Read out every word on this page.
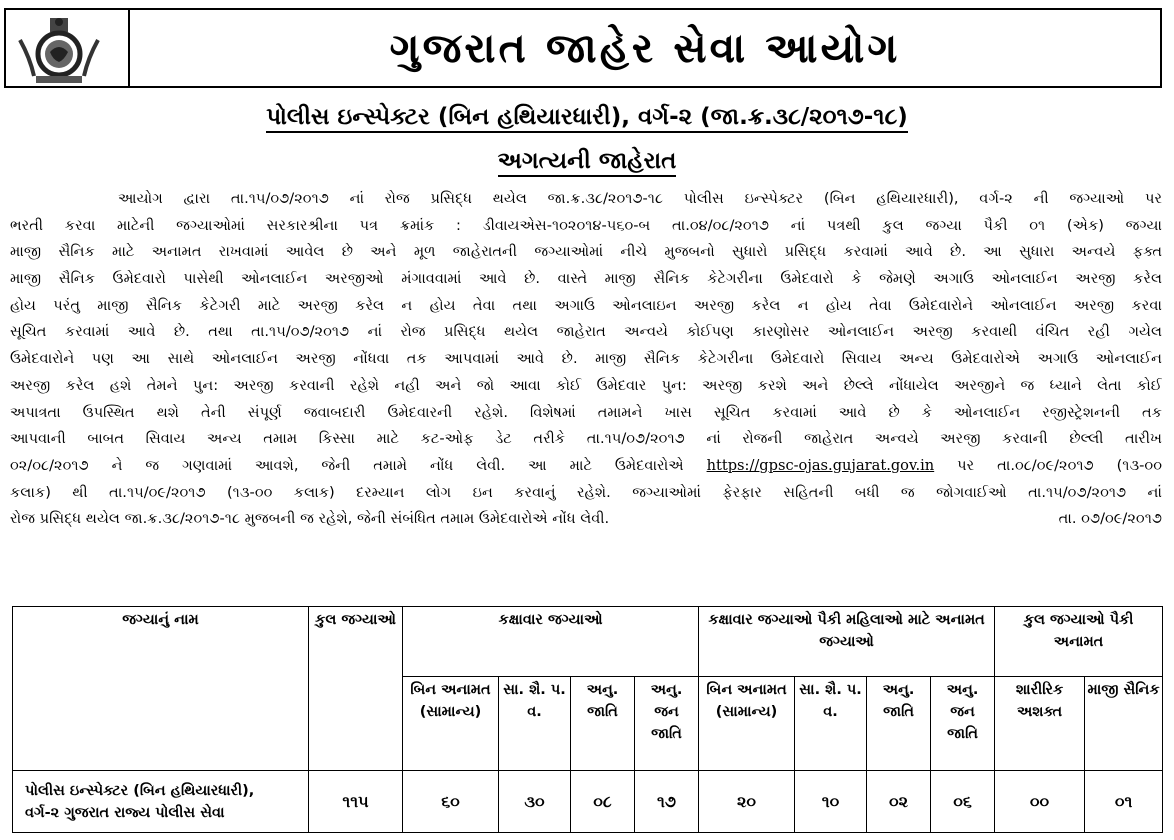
ગુજરાત જાહેર સેવા આયોગ
પોલીસ ઇન્સ્પેક્ટર (બિન હથિયારધારી), વર્ગ-૨ (જા.ક્ર.૩૮/૨૦૧૭-૧૮)
અગત્યની જાહેરાત
આયોગ દ્વારા તા.૧૫/૦૭/૨૦૧૭ નાં રોજ પ્રસિદ્ધ થયેલ જા.ક્ર.૩૮/૨૦૧૭-૧૮ પોલીસ ઇન્સ્પેક્ટર (બિન હથિયારધારી), વર્ગ-૨ ની જગ્યાઓ પર
ભરતી કરવા માટેની જગ્યાઓમાં સરકારશ્રીના પત્ર ક્રમાંક : ડીવાયએસ-૧૦૨૦૧૪-૫૬૦-બ તા.૦૪/૦૮/૨૦૧૭ નાં પત્રથી કુલ જગ્યા પૈકી ૦૧ (એક) જગ્યા
માજી સૈનિક માટે અનામત રાખવામાં આવેલ છે અને મૂળ જાહેરાતની જગ્યાઓમાં નીચે મુજબનો સુધારો પ્રસિદ્ધ કરવામાં આવે છે. આ સુધારા અન્વયે ફક્ત
માજી સૈનિક ઉમેદવારો પાસેથી ઓનલાઈન અરજીઓ મંગાવવામાં આવે છે. વાસ્તે માજી સૈનિક કેટેગરીના ઉમેદવારો કે જેમણે અગાઉ ઓનલાઈન અરજી કરેલ
હોય પરંતુ માજી સૈનિક કેટેગરી માટે અરજી કરેલ ન હોય તેવા તથા અગાઉ ઓનલાઇન અરજી કરેલ ન હોય તેવા ઉમેદવારોને ઓનલાઈન અરજી કરવા
સૂચિત કરવામાં આવે છે. તથા તા.૧૫/૦૭/૨૦૧૭ નાં રોજ પ્રસિદ્ધ થયેલ જાહેરાત અન્વયે કોઈપણ કારણોસર ઓનલાઈન અરજી કરવાથી વંચિત રહી ગયેલ
ઉમેદવારોને પણ આ સાથે ઓનલાઈન અરજી નોંધવા તક આપવામાં આવે છે. માજી સૈનિક કેટેગરીના ઉમેદવારો સિવાય અન્ય ઉમેદવારોએ અગાઉ ઓનલાઈન
અરજી કરેલ હશે તેમને પુન: અરજી કરવાની રહેશે નહી અને જો આવા કોઈ ઉમેદવાર પુન: અરજી કરશે અને છેલ્લે નોંધાયેલ અરજીને જ ધ્યાને લેતા કોઈ
અપાત્રતા ઉપસ્થિત થશે તેની સંપૂર્ણ જવાબદારી ઉમેદવારની રહેશે. વિશેષમાં તમામને ખાસ સૂચિત કરવામાં આવે છે કે ઓનલાઈન રજીસ્ટ્રેશનની તક
આપવાની બાબત સિવાય અન્ય તમામ કિસ્સા માટે કટ-ઓફ ડેટ તરીકે તા.૧૫/૦૭/૨૦૧૭ નાં રોજની જાહેરાત અન્વયે અરજી કરવાની છેલ્લી તારીખ
૦૨/૦૮/૨૦૧૭ ને જ ગણવામાં આવશે, જેની તમામે નોંધ લેવી. આ માટે ઉમેદવારોએ https://gpsc-ojas.gujarat.gov.in પર તા.૦૮/૦૯/૨૦૧૭ (૧૩-૦૦
કલાક) થી તા.૧૫/૦૯/૨૦૧૭ (૧૩-૦૦ કલાક) દરમ્યાન લોગ ઇન કરવાનું રહેશે. જગ્યાઓમાં ફેરફાર સહિતની બધી જ જોગવાઈઓ તા.૧૫/૦૭/૨૦૧૭ નાં
રોજ પ્રસિદ્ધ થયેલ જા.ક્ર.૩૮/૨૦૧૭-૧૮ મુજબની જ રહેશે, જેની સંબંધિત તમામ ઉમેદવારોએ નોંધ લેવી.	તા. ૦૭/૦૯/૨૦૧૭
જગ્યાનું નામ	કુલ જગ્યાઓ	કક્ષાવાર જગ્યાઓ				કક્ષાવાર જગ્યાઓ પૈકી મહિલાઓ માટે અનામત જગ્યાઓ				કુલ જગ્યાઓ પૈકી અનામત	
		બિન અનામત (સામાન્ય)	સા. શૈ. પ. વ.	અનુ. જાતિ	અનુ. જન જાતિ	બિન અનામત (સામાન્ય)	સા. શૈ. પ. વ.	અનુ. જાતિ	અનુ. જન જાતિ	શારીરિક અશક્ત	માજી સૈનિક
પોલીસ ઇન્સ્પેક્ટર (બિન હથિયારધારી),
વર્ગ-૨ ગુજરાત રાજ્ય પોલીસ સેવા	૧૧૫	૬૦	૩૦	૦૮	૧૭	૨૦	૧૦	૦૨	૦૬	૦૦	૦૧
